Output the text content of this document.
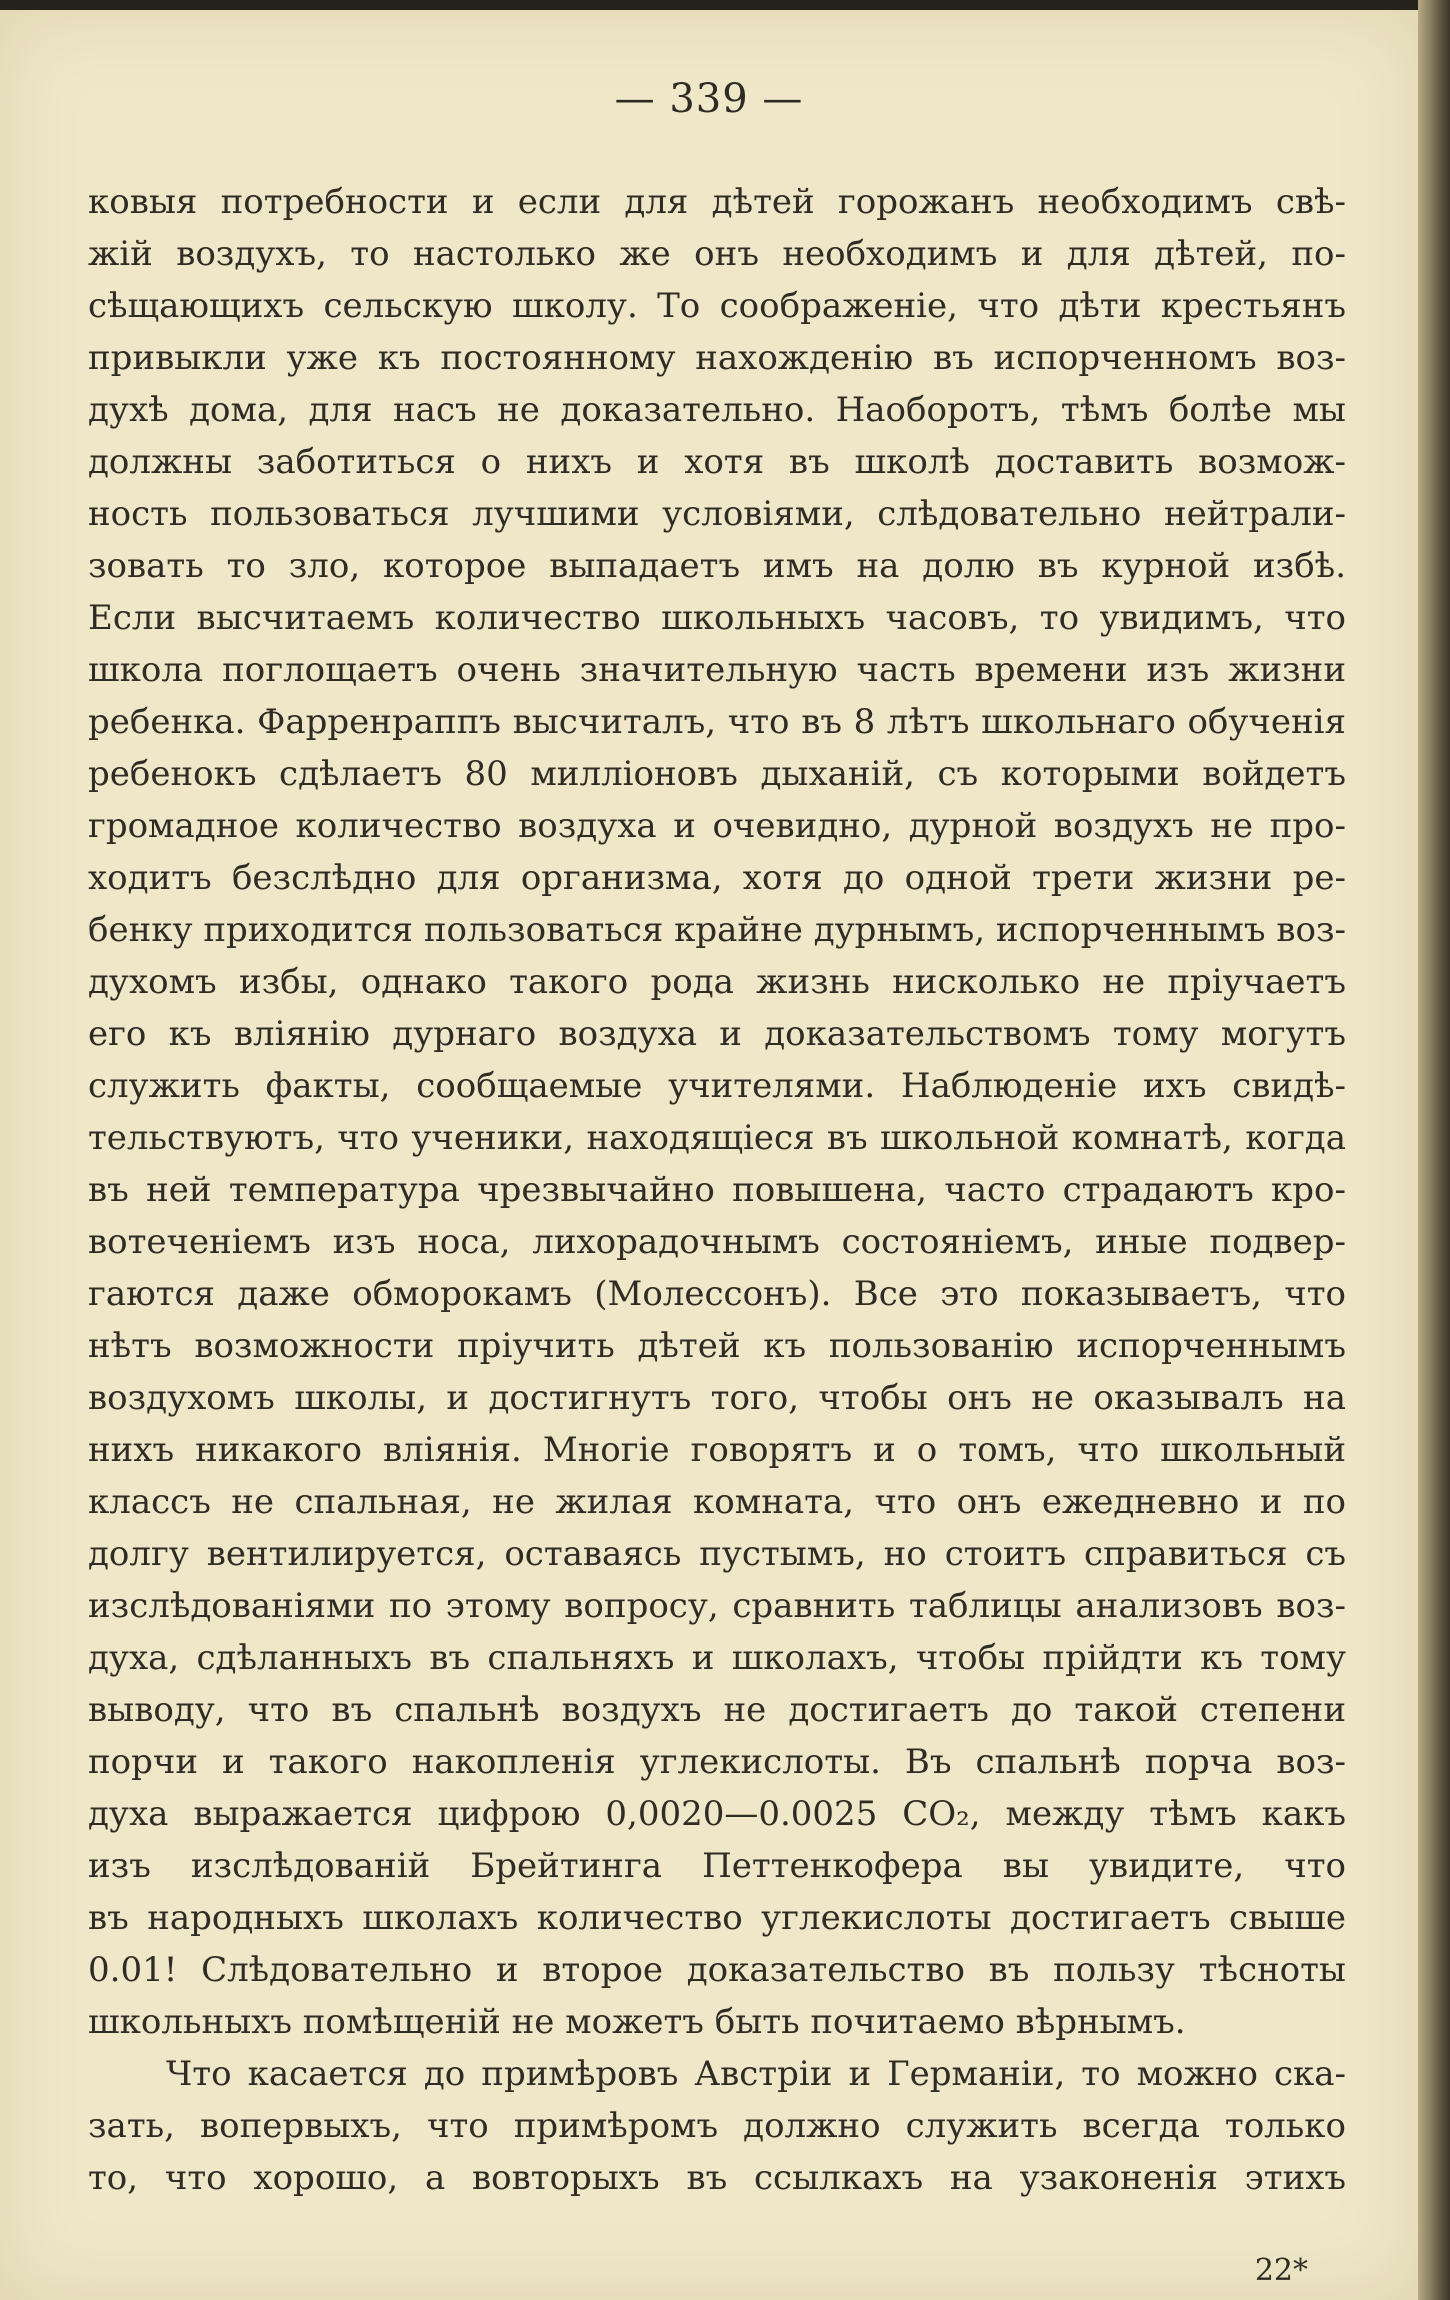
— 339 —
ковыя потребности и если для дѣтей горожанъ необходимъ свѣ-
жій воздухъ, то настолько же онъ необходимъ и для дѣтей, по-
сѣщающихъ сельскую школу. То соображеніе, что дѣти крестьянъ
привыкли уже къ постоянному нахожденію въ испорченномъ воз-
духѣ дома, для насъ не доказательно. Наоборотъ, тѣмъ болѣе мы
должны заботиться о нихъ и хотя въ школѣ доставить возмож-
ность пользоваться лучшими условіями, слѣдовательно нейтрали-
зовать то зло, которое выпадаетъ имъ на долю въ курной избѣ.
Если высчитаемъ количество школьныхъ часовъ, то увидимъ, что
школа поглощаетъ очень значительную часть времени изъ жизни
ребенка. Фарренраппъ высчиталъ, что въ 8 лѣтъ школьнаго обученія
ребенокъ сдѣлаетъ 80 милліоновъ дыханій, съ которыми войдетъ
громадное количество воздуха и очевидно, дурной воздухъ не про-
ходитъ безслѣдно для организма, хотя до одной трети жизни ре-
бенку приходится пользоваться крайне дурнымъ, испорченнымъ воз-
духомъ избы, однако такого рода жизнь нисколько не пріучаетъ
его къ вліянію дурнаго воздуха и доказательствомъ тому могутъ
служить факты, сообщаемые учителями. Наблюденіе ихъ свидѣ-
тельствуютъ, что ученики, находящіеся въ школьной комнатѣ, когда
въ ней температура чрезвычайно повышена, часто страдаютъ кро-
вотеченіемъ изъ носа, лихорадочнымъ состояніемъ, иные подвер-
гаются даже обморокамъ (Молессонъ). Все это показываетъ, что
нѣтъ возможности пріучить дѣтей къ пользованію испорченнымъ
воздухомъ школы, и достигнутъ того, чтобы онъ не оказывалъ на
нихъ никакого вліянія. Многіе говорятъ и о томъ, что школьный
классъ не спальная, не жилая комната, что онъ ежедневно и по
долгу вентилируется, оставаясь пустымъ, но стоитъ справиться съ
изслѣдованіями по этому вопросу, сравнить таблицы анализовъ воз-
духа, сдѣланныхъ въ спальняхъ и школахъ, чтобы прійдти къ тому
выводу, что въ спальнѣ воздухъ не достигаетъ до такой степени
порчи и такого накопленія углекислоты. Въ спальнѣ порча воз-
духа выражается цифрою 0,0020—0.0025 CO₂, между тѣмъ какъ
изъ изслѣдованій Брейтинга Петтенкофера вы увидите, что
въ народныхъ школахъ количество углекислоты достигаетъ свыше
0.01! Слѣдовательно и второе доказательство въ пользу тѣсноты
школьныхъ помѣщеній не можетъ быть почитаемо вѣрнымъ.
Что касается до примѣровъ Австріи и Германіи, то можно ска-
зать, вопервыхъ, что примѣромъ должно служить всегда только
то, что хорошо, а вовторыхъ въ ссылкахъ на узаконенія этихъ
22*
